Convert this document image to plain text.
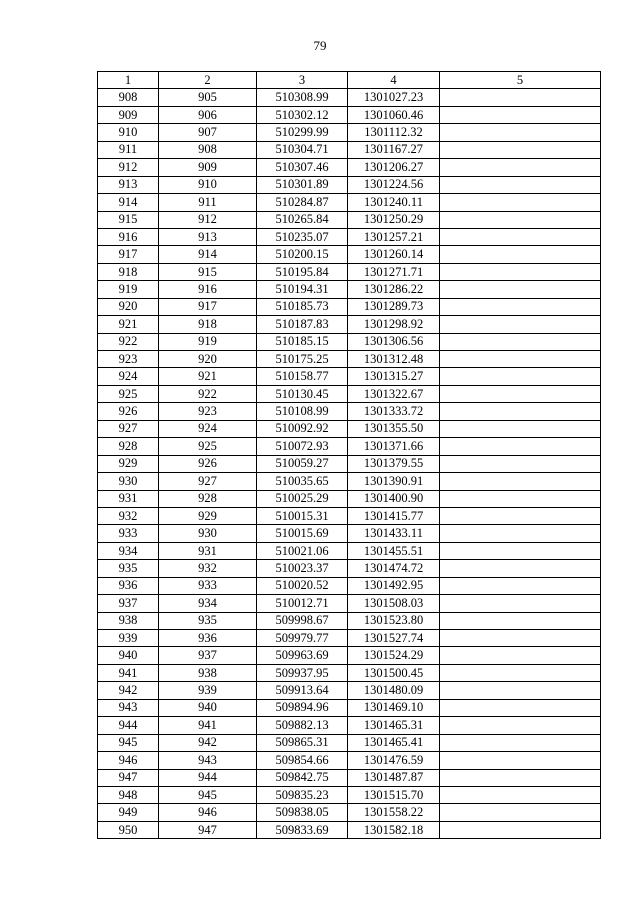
79
1	2	3	4	5
908	905	510308.99	1301027.23	
909	906	510302.12	1301060.46	
910	907	510299.99	1301112.32	
911	908	510304.71	1301167.27	
912	909	510307.46	1301206.27	
913	910	510301.89	1301224.56	
914	911	510284.87	1301240.11	
915	912	510265.84	1301250.29	
916	913	510235.07	1301257.21	
917	914	510200.15	1301260.14	
918	915	510195.84	1301271.71	
919	916	510194.31	1301286.22	
920	917	510185.73	1301289.73	
921	918	510187.83	1301298.92	
922	919	510185.15	1301306.56	
923	920	510175.25	1301312.48	
924	921	510158.77	1301315.27	
925	922	510130.45	1301322.67	
926	923	510108.99	1301333.72	
927	924	510092.92	1301355.50	
928	925	510072.93	1301371.66	
929	926	510059.27	1301379.55	
930	927	510035.65	1301390.91	
931	928	510025.29	1301400.90	
932	929	510015.31	1301415.77	
933	930	510015.69	1301433.11	
934	931	510021.06	1301455.51	
935	932	510023.37	1301474.72	
936	933	510020.52	1301492.95	
937	934	510012.71	1301508.03	
938	935	509998.67	1301523.80	
939	936	509979.77	1301527.74	
940	937	509963.69	1301524.29	
941	938	509937.95	1301500.45	
942	939	509913.64	1301480.09	
943	940	509894.96	1301469.10	
944	941	509882.13	1301465.31	
945	942	509865.31	1301465.41	
946	943	509854.66	1301476.59	
947	944	509842.75	1301487.87	
948	945	509835.23	1301515.70	
949	946	509838.05	1301558.22	
950	947	509833.69	1301582.18	
